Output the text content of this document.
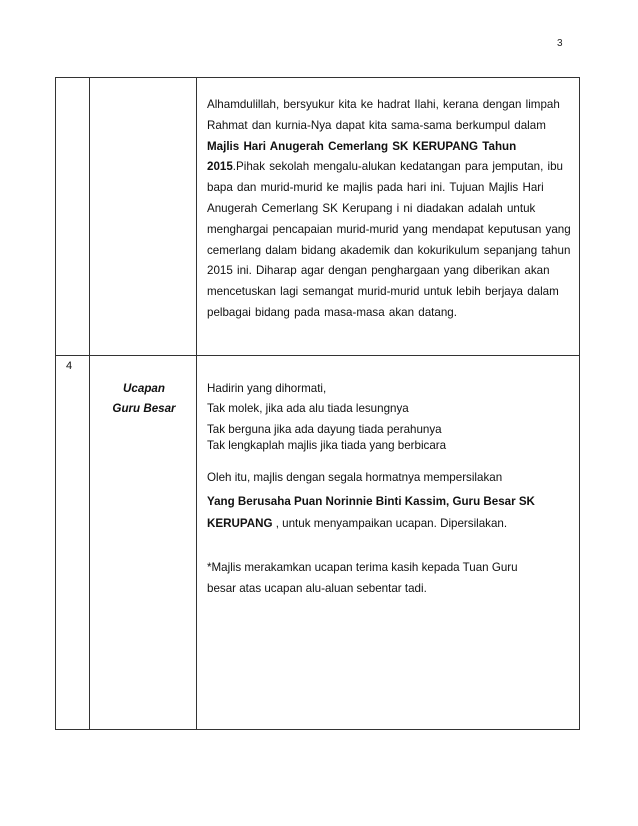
3

Alhamdulillah, bersyukur kita ke hadrat Ilahi, kerana dengan limpah Rahmat dan kurnia-Nya dapat kita sama-sama berkumpul dalam Majlis Hari Anugerah Cemerlang SK KERUPANG Tahun 2015.Pihak sekolah mengalu-alukan kedatangan para jemputan, ibu bapa dan murid-murid ke majlis pada hari ini. Tujuan Majlis Hari Anugerah Cemerlang SK Kerupang i ni diadakan adalah untuk menghargai pencapaian murid-murid yang mendapat keputusan yang cemerlang dalam bidang akademik dan kokurikulum sepanjang tahun 2015 ini. Diharap agar dengan penghargaan yang diberikan akan mencetuskan lagi semangat murid-murid untuk lebih berjaya dalam pelbagai bidang pada masa-masa akan datang.

4
Ucapan
Guru Besar
Hadirin yang dihormati,
Tak molek, jika ada alu tiada lesungnya
Tak berguna jika ada dayung tiada perahunya
Tak lengkaplah majlis jika tiada yang berbicara
Oleh itu, majlis dengan segala hormatnya mempersilakan
Yang Berusaha Puan Norinnie Binti Kassim, Guru Besar SK
KERUPANG , untuk menyampaikan ucapan. Dipersilakan.
*Majlis merakamkan ucapan terima kasih kepada Tuan Guru
besar atas ucapan alu-aluan sebentar tadi.
